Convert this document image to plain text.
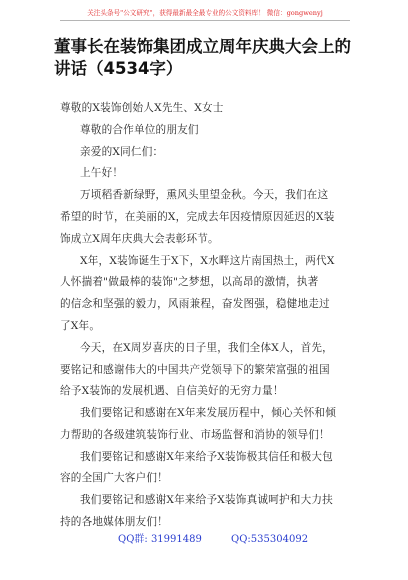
关注头条号"公文研究"，获得最新最全最专业的公文资料库！ 微信：gongwenyj
董事长在装饰集团成立周年庆典大会上的
讲话（4534字）
尊敬的X装饰创始人X先生、X女士
尊敬的合作单位的朋友们
亲爱的X同仁们：
上午好！
万顷稻香新绿野，熏风头里望金秋。今天，我们在这
希望的时节，在美丽的X，完成去年因疫情原因延迟的X装
饰成立X周年庆典大会表彰环节。
X年，X装饰诞生于X下，X水畔这片南国热土，两代X
人怀揣着"做最棒的装饰"之梦想，以高昂的激情，执著
的信念和坚强的毅力，风雨兼程，奋发图强，稳健地走过
了X年。
今天，在X周岁喜庆的日子里，我们全体X人，首先，
要铭记和感谢伟大的中国共产党领导下的繁荣富强的祖国
给予X装饰的发展机遇、自信美好的无穷力量！
我们要铭记和感谢在X年来发展历程中，倾心关怀和倾
力帮助的各级建筑装饰行业、市场监督和消协的领导们！
我们要铭记和感谢X年来给予X装饰极其信任和极大包
容的全国广大客户们！
我们要铭记和感谢X年来给予X装饰真诚呵护和大力扶
持的各地媒体朋友们！
QQ群: 31991489	QQ:535304092
